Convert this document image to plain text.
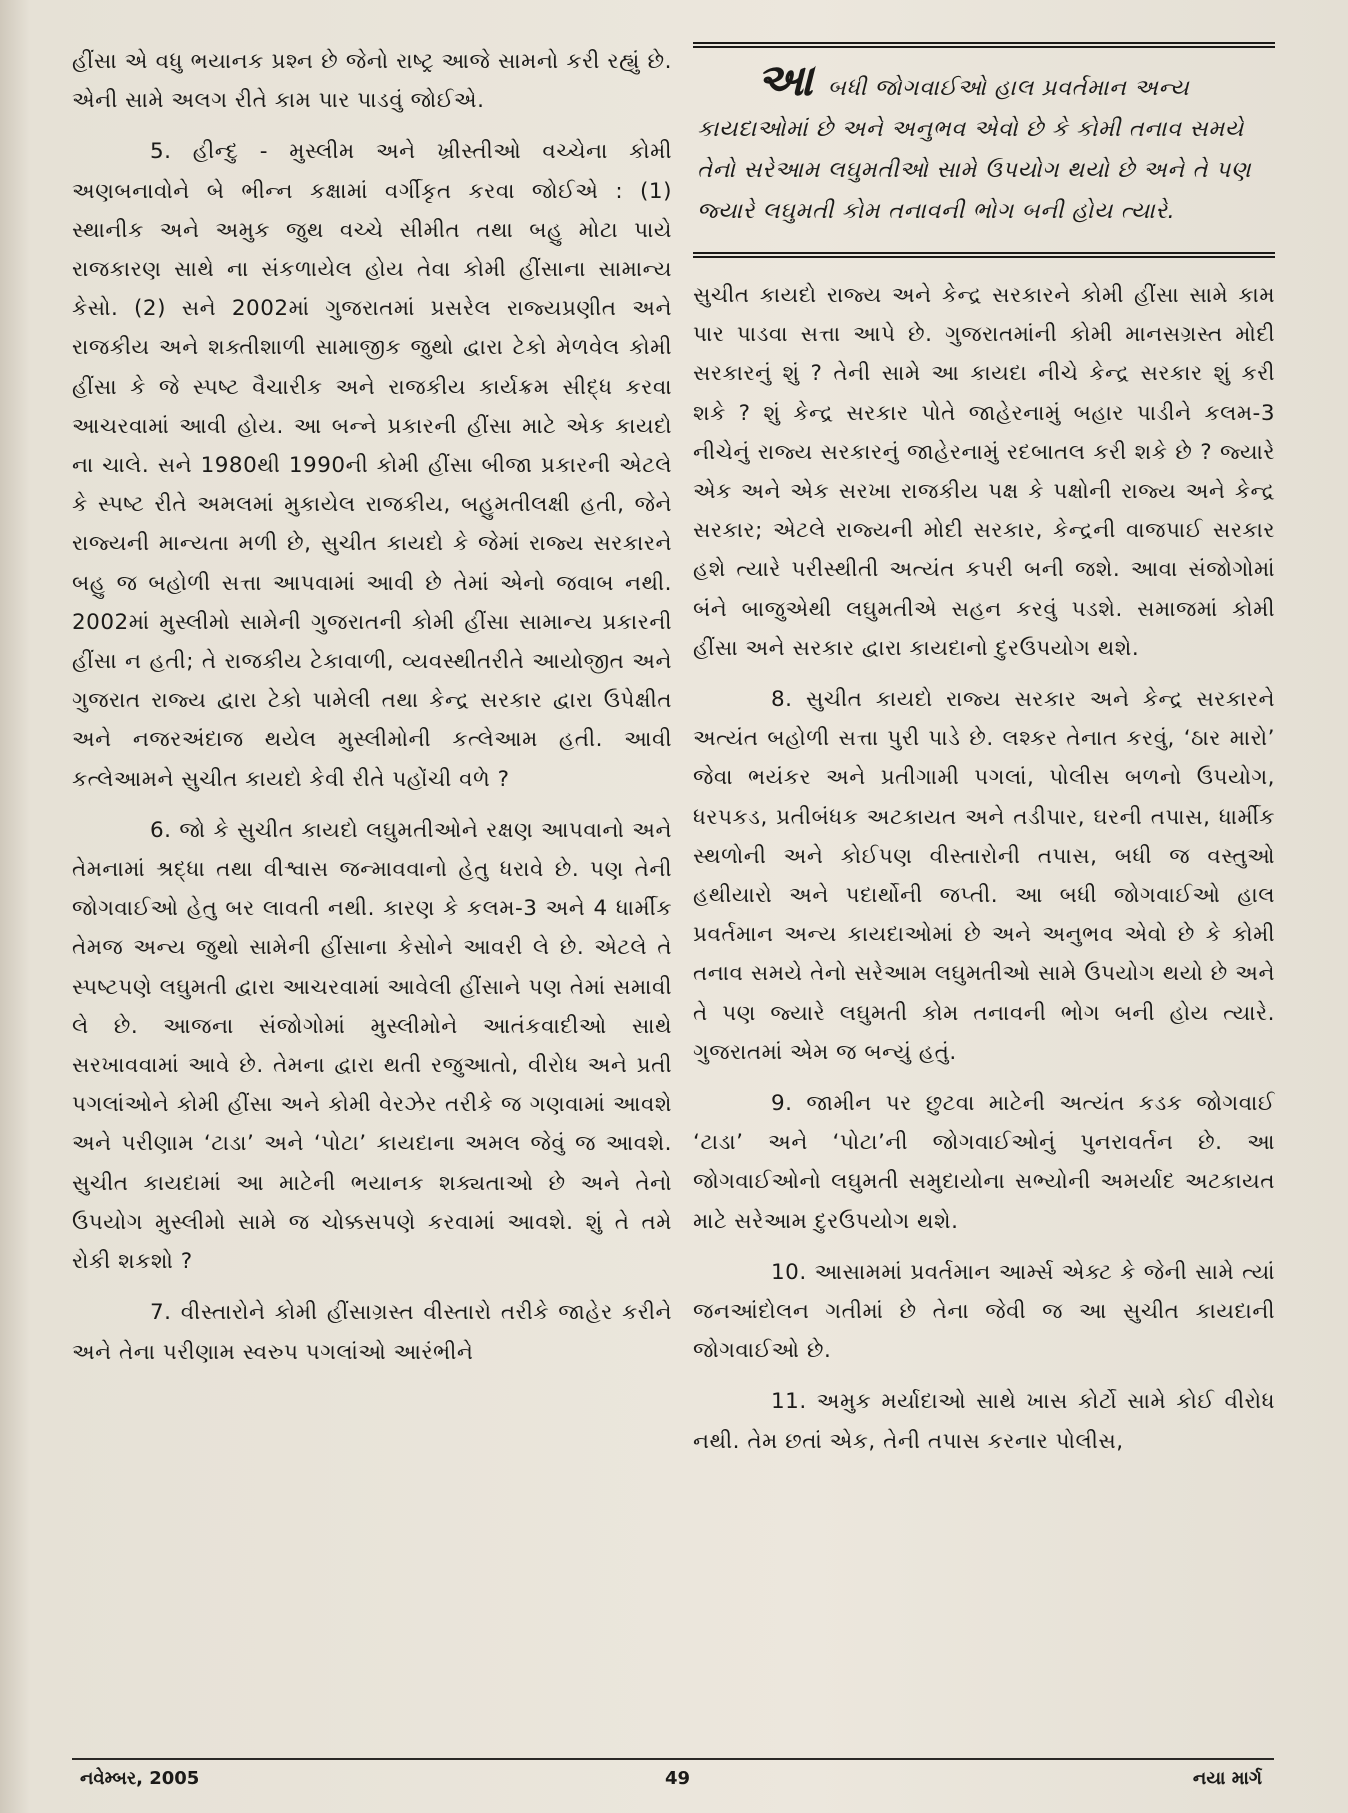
હીંસા એ વધુ ભયાનક પ્રશ્ન છે જેનો રાષ્ટ્ર આજે સામનો કરી રહ્યું છે. એની સામે અલગ રીતે કામ પાર પાડવું જોઈએ.

5. હીન્દુ - મુસ્લીમ અને ખ્રીસ્તીઓ વચ્ચેના કોમી અણબનાવોને બે ભીન્ન કક્ષામાં વર્ગીકૃત કરવા જોઈએ : (1) સ્થાનીક અને અમુક જુથ વચ્ચે સીમીત તથા બહુ મોટા પાયે રાજકારણ સાથે ના સંકળાયેલ હોય તેવા કોમી હીંસાના સામાન્ય કેસો. (2) સને 2002માં ગુજરાતમાં પ્રસરેલ રાજ્યપ્રણીત અને રાજકીય અને શક્તીશાળી સામાજીક જુથો દ્વારા ટેકો મેળવેલ કોમી હીંસા કે જે સ્પષ્ટ વૈચારીક અને રાજકીય કાર્યક્રમ સીદ્ધ કરવા આચરવામાં આવી હોય. આ બન્ને પ્રકારની હીંસા માટે એક કાયદો ના ચાલે. સને 1980થી 1990ની કોમી હીંસા બીજા પ્રકારની એટલે કે સ્પષ્ટ રીતે અમલમાં મુકાયેલ રાજકીય, બહુમતીલક્ષી હતી, જેને રાજ્યની માન્યતા મળી છે, સુચીત કાયદો કે જેમાં રાજ્ય સરકારને બહુ જ બહોળી સત્તા આપવામાં આવી છે તેમાં એનો જવાબ નથી. 2002માં મુસ્લીમો સામેની ગુજરાતની કોમી હીંસા સામાન્ય પ્રકારની હીંસા ન હતી; તે રાજકીય ટેકાવાળી, વ્યવસ્થીતરીતે આયોજીત અને ગુજરાત રાજ્ય દ્વારા ટેકો પામેલી તથા કેન્દ્ર સરકાર દ્વારા ઉપેક્ષીત અને નજરઅંદાજ થયેલ મુસ્લીમોની કત્લેઆમ હતી. આવી કત્લેઆમને સુચીત કાયદો કેવી રીતે પહોંચી વળે ?

6. જો કે સુચીત કાયદો લઘુમતીઓને રક્ષણ આપવાનો અને તેમનામાં શ્રદ્ધા તથા વીશ્વાસ જન્માવવાનો હેતુ ધરાવે છે. પણ તેની જોગવાઈઓ હેતુ બર લાવતી નથી. કારણ કે કલમ-3 અને 4 ધાર્મીક તેમજ અન્ય જુથો સામેની હીંસાના કેસોને આવરી લે છે. એટલે તે સ્પષ્ટપણે લઘુમતી દ્વારા આચરવામાં આવેલી હીંસાને પણ તેમાં સમાવી લે છે. આજના સંજોગોમાં મુસ્લીમોને આતંકવાદીઓ સાથે સરખાવવામાં આવે છે. તેમના દ્વારા થતી રજુઆતો, વીરોધ અને પ્રતી પગલાંઓને કોમી હીંસા અને કોમી વેરઝેર તરીકે જ ગણવામાં આવશે અને પરીણામ ‘ટાડા’ અને ‘પોટા’ કાયદાના અમલ જેવું જ આવશે. સુચીત કાયદામાં આ માટેની ભયાનક શક્યતાઓ છે અને તેનો ઉપયોગ મુસ્લીમો સામે જ ચોક્કસપણે કરવામાં આવશે. શું તે તમે રોકી શકશો ?

7. વીસ્તારોને કોમી હીંસાગ્રસ્ત વીસ્તારો તરીકે જાહેર કરીને અને તેના પરીણામ સ્વરુપ પગલાંઓ આરંભીને

આબધી જોગવાઈઓ હાલ પ્રવર્તમાન અન્ય કાયદાઓમાં છે અને અનુભવ એવો છે કે કોમી તનાવ સમયે તેનો સરેઆમ લઘુમતીઓ સામે ઉપયોગ થયો છે અને તે પણ જ્યારે લઘુમતી કોમ તનાવની ભોગ બની હોય ત્યારે.

સુચીત કાયદો રાજ્ય અને કેન્દ્ર સરકારને કોમી હીંસા સામે કામ પાર પાડવા સત્તા આપે છે. ગુજરાતમાંની કોમી માનસગ્રસ્ત મોદી સરકારનું શું ? તેની સામે આ કાયદા નીચે કેન્દ્ર સરકાર શું કરી શકે ? શું કેન્દ્ર સરકાર પોતે જાહેરનામું બહાર પાડીને કલમ-3 નીચેનું રાજ્ય સરકારનું જાહેરનામું રદબાતલ કરી શકે છે ? જ્યારે એક અને એક સરખા રાજકીય પક્ષ કે પક્ષોની રાજ્ય અને કેન્દ્ર સરકાર; એટલે રાજ્યની મોદી સરકાર, કેન્દ્રની વાજપાઈ સરકાર હશે ત્યારે પરીસ્થીતી અત્યંત કપરી બની જશે. આવા સંજોગોમાં બંને બાજુએથી લઘુમતીએ સહન કરવું પડશે. સમાજમાં કોમી હીંસા અને સરકાર દ્વારા કાયદાનો દુરઉપયોગ થશે.

8. સુચીત કાયદો રાજ્ય સરકાર અને કેન્દ્ર સરકારને અત્યંત બહોળી સત્તા પુરી પાડે છે. લશ્કર તેનાત કરવું, ‘ઠાર મારો’ જેવા ભયંકર અને પ્રતીગામી પગલાં, પોલીસ બળનો ઉપયોગ, ધરપકડ, પ્રતીબંધક અટકાયત અને તડીપાર, ઘરની તપાસ, ધાર્મીક સ્થળોની અને કોઈપણ વીસ્તારોની તપાસ, બધી જ વસ્તુઓ હથીયારો અને પદાર્થોની જપ્તી. આ બધી જોગવાઈઓ હાલ પ્રવર્તમાન અન્ય કાયદાઓમાં છે અને અનુભવ એવો છે કે કોમી તનાવ સમયે તેનો સરેઆમ લઘુમતીઓ સામે ઉપયોગ થયો છે અને તે પણ જ્યારે લઘુમતી કોમ તનાવની ભોગ બની હોય ત્યારે. ગુજરાતમાં એમ જ બન્યું હતું.

9. જામીન પર છુટવા માટેની અત્યંત કડક જોગવાઈ ‘ટાડા’ અને ‘પોટા’ની જોગવાઈઓનું પુનરાવર્તન છે. આ જોગવાઈઓનો લઘુમતી સમુદાયોના સભ્યોની અમર્યાદ અટકાયત માટે સરેઆમ દુરઉપયોગ થશે.

10. આસામમાં પ્રવર્તમાન આર્મ્સ એક્ટ કે જેની સામે ત્યાં જનઆંદોલન ગતીમાં છે તેના જેવી જ આ સુચીત કાયદાની જોગવાઈઓ છે.

11. અમુક મર્યાદાઓ સાથે ખાસ કોર્ટો સામે કોઈ વીરોધ નથી. તેમ છતાં એક, તેની તપાસ કરનાર પોલીસ,

નવેમ્બર, 2005	49	નયા માર્ગ
